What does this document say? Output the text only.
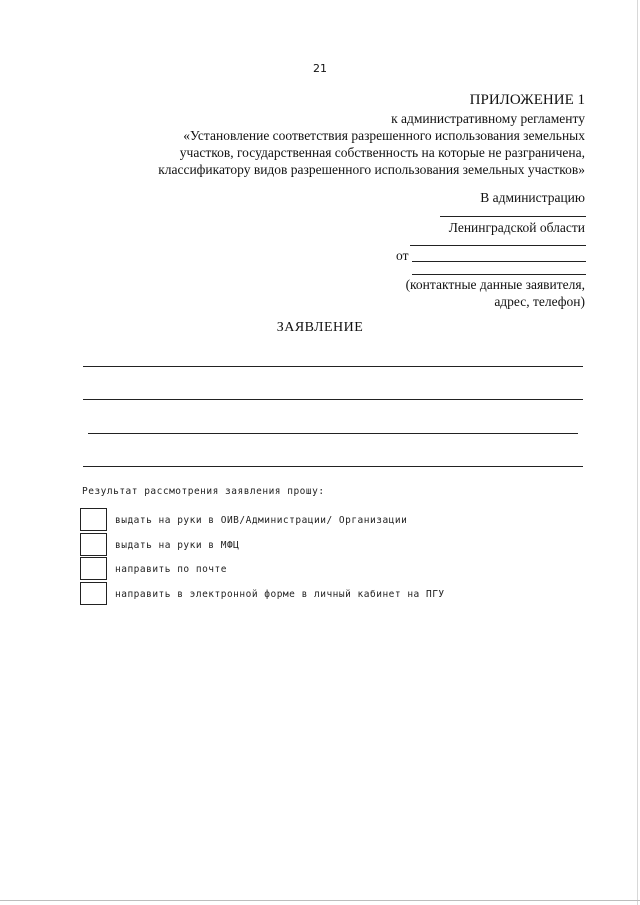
21
ПРИЛОЖЕНИЕ 1
к административному регламенту
«Установление соответствия разрешенного использования земельных
участков, государственная собственность на которые не разграничена,
классификатору видов разрешенного использования земельных участков»
В администрацию
Ленинградской области
от
(контактные данные заявителя,
адрес, телефон)
ЗАЯВЛЕНИЕ
Результат рассмотрения заявления прошу:
выдать на руки в ОИВ/Администрации/ Организации
выдать на руки в МФЦ
направить по почте
направить в электронной форме в личный кабинет на ПГУ
